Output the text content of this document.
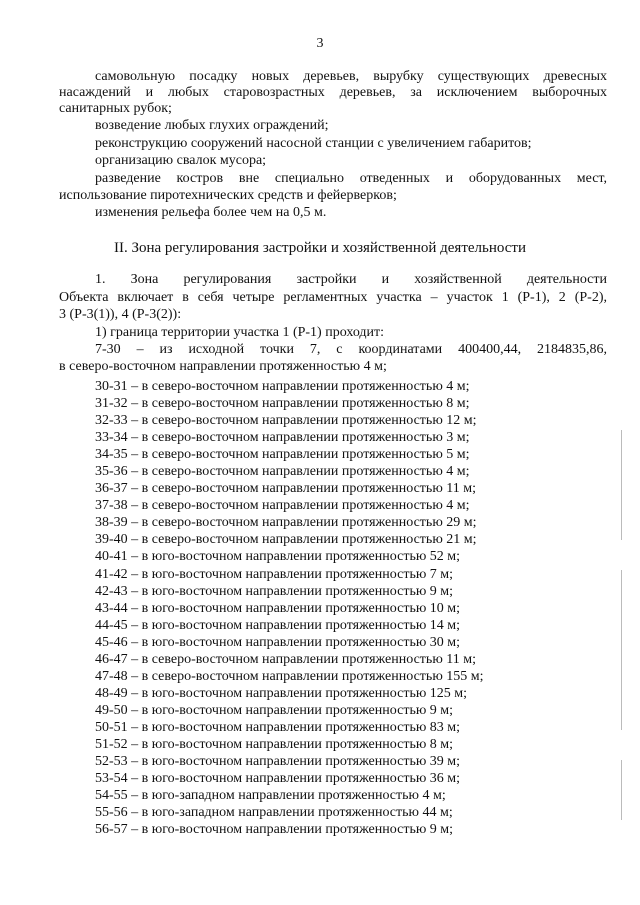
3
самовольную посадку новых деревьев, вырубку существующих древесных
насаждений и любых старовозрастных деревьев, за исключением выборочных
санитарных рубок;
возведение любых глухих ограждений;
реконструкцию сооружений насосной станции с увеличением габаритов;
организацию свалок мусора;
разведение костров вне специально отведенных и оборудованных мест,
использование пиротехнических средств и фейерверков;
изменения рельефа более чем на 0,5 м.
II. Зона регулирования застройки и хозяйственной деятельности
1. Зона регулирования застройки и хозяйственной деятельности
Объекта включает в себя четыре регламентных участка – участок 1 (Р-1), 2 (Р-2),
3 (Р-3(1)), 4 (Р-3(2)):
1) граница территории участка 1 (Р-1) проходит:
7-30 – из исходной точки 7, с координатами 400400,44, 2184835,86,
в северо-восточном направлении протяженностью 4 м;
30-31 – в северо-восточном направлении протяженностью 4 м;
31-32 – в северо-восточном направлении протяженностью 8 м;
32-33 – в северо-восточном направлении протяженностью 12 м;
33-34 – в северо-восточном направлении протяженностью 3 м;
34-35 – в северо-восточном направлении протяженностью 5 м;
35-36 – в северо-восточном направлении протяженностью 4 м;
36-37 – в северо-восточном направлении протяженностью 11 м;
37-38 – в северо-восточном направлении протяженностью 4 м;
38-39 – в северо-восточном направлении протяженностью 29 м;
39-40 – в северо-восточном направлении протяженностью 21 м;
40-41 – в юго-восточном направлении протяженностью 52 м;
41-42 – в юго-восточном направлении протяженностью 7 м;
42-43 – в юго-восточном направлении протяженностью 9 м;
43-44 – в юго-восточном направлении протяженностью 10 м;
44-45 – в юго-восточном направлении протяженностью 14 м;
45-46 – в юго-восточном направлении протяженностью 30 м;
46-47 – в северо-восточном направлении протяженностью 11 м;
47-48 – в северо-восточном направлении протяженностью 155 м;
48-49 – в юго-восточном направлении протяженностью 125 м;
49-50 – в юго-восточном направлении протяженностью 9 м;
50-51 – в юго-восточном направлении протяженностью 83 м;
51-52 – в юго-восточном направлении протяженностью 8 м;
52-53 – в юго-восточном направлении протяженностью 39 м;
53-54 – в юго-восточном направлении протяженностью 36 м;
54-55 – в юго-западном направлении протяженностью 4 м;
55-56 – в юго-западном направлении протяженностью 44 м;
56-57 – в юго-восточном направлении протяженностью 9 м;
